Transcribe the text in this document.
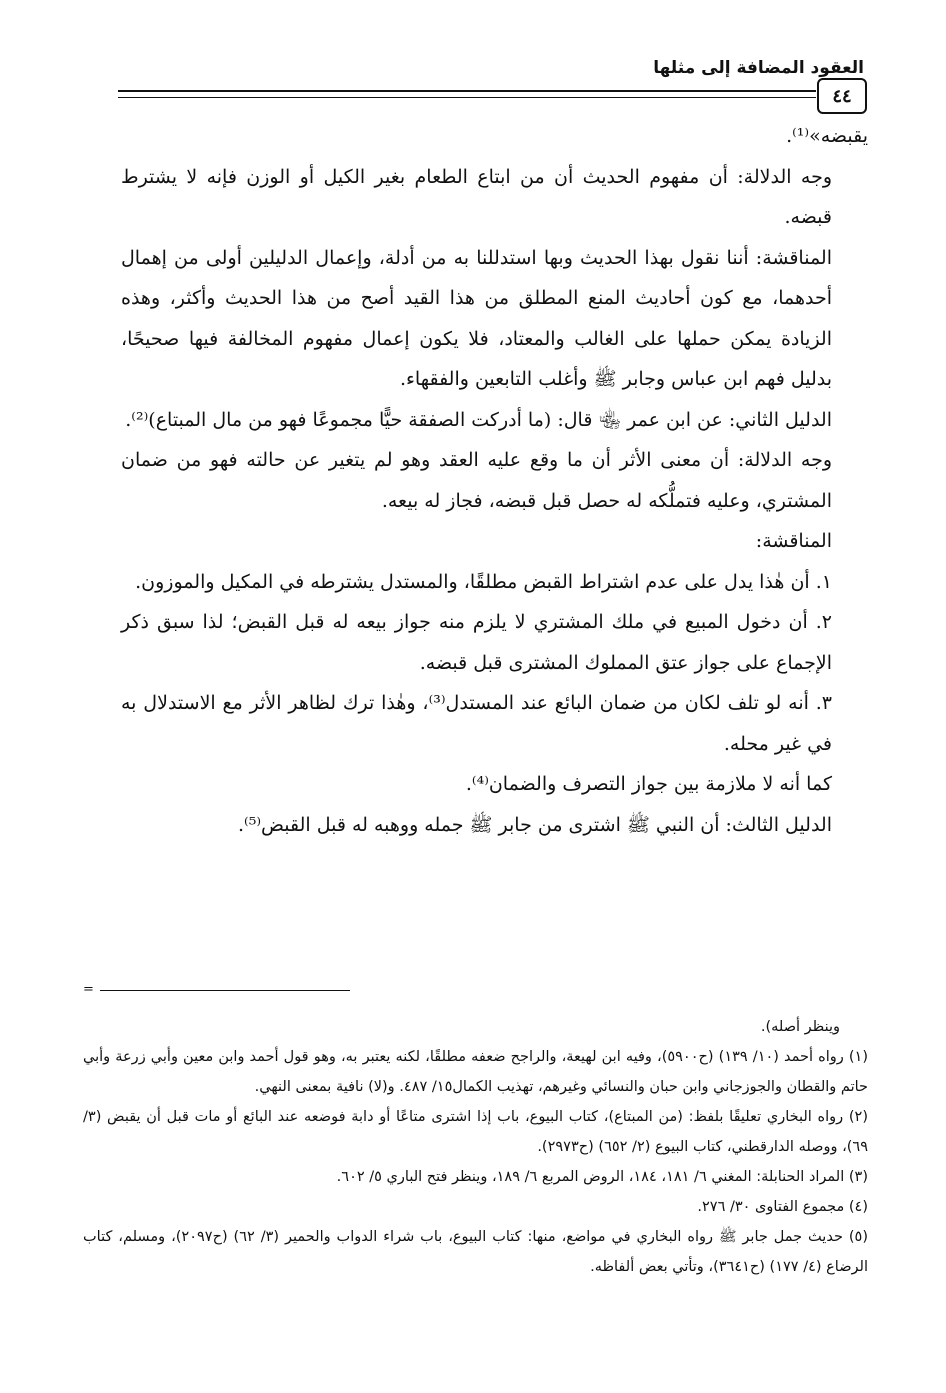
العقود المضافة إلى مثلها
٤٤

يقبضه»⁽¹⁾.

وجه الدلالة: أن مفهوم الحديث أن من ابتاع الطعام بغير الكيل أو الوزن فإنه لا يشترط قبضه.

المناقشة: أننا نقول بهذا الحديث وبها استدللنا به من أدلة، وإعمال الدليلين أولى من إهمال أحدهما، مع كون أحاديث المنع المطلق من هذا القيد أصح من هذا الحديث وأكثر، وهذه الزيادة يمكن حملها على الغالب والمعتاد، فلا يكون إعمال مفهوم المخالفة فيها صحيحًا، بدليل فهم ابن عباس وجابر ﷺ وأغلب التابعين والفقهاء.

الدليل الثاني: عن ابن عمر ﵄ قال: (ما أدركت الصفقة حيًّا مجموعًا فهو من مال المبتاع)⁽²⁾.

وجه الدلالة: أن معنى الأثر أن ما وقع عليه العقد وهو لم يتغير عن حالته فهو من ضمان المشتري، وعليه فتملُّكه له حصل قبل قبضه، فجاز له بيعه.

المناقشة:

١. أن هٰذا يدل على عدم اشتراط القبض مطلقًا، والمستدل يشترطه في المكيل والموزون.

٢. أن دخول المبيع في ملك المشتري لا يلزم منه جواز بيعه له قبل القبض؛ لذا سبق ذكر الإجماع على جواز عتق المملوك المشترى قبل قبضه.

٣. أنه لو تلف لكان من ضمان البائع عند المستدل⁽³⁾، وهٰذا ترك لظاهر الأثر مع الاستدلال به في غير محله.

كما أنه لا ملازمة بين جواز التصرف والضمان⁽⁴⁾.

الدليل الثالث: أن النبي ﷺ اشترى من جابر ﷺ جمله ووهبه له قبل القبض⁽⁵⁾.

=

وينظر أصله).

(١) رواه أحمد (١٠/ ١٣٩) (ح٥٩٠٠)، وفيه ابن لهيعة، والراجح ضعفه مطلقًا، لكنه يعتبر به، وهو قول أحمد وابن معين وأبي زرعة وأبي حاتم والقطان والجوزجاني وابن حبان والنسائي وغيرهم، تهذيب الكمال١٥/ ٤٨٧. و(لا) نافية بمعنى النهي.

(٢) رواه البخاري تعليقًا بلفظ: (من المبتاع)، كتاب البيوع، باب إذا اشترى متاعًا أو دابة فوضعه عند البائع أو مات قبل أن يقبض (٣/ ٦٩)، ووصله الدارقطني، كتاب البيوع (٢/ ٦٥٢) (ح٢٩٧٣).

(٣) المراد الحنابلة: المغني ٦/ ١٨١، ١٨٤، الروض المربع ٦/ ١٨٩، وينظر فتح الباري ٥/ ٦٠٢.

(٤) مجموع الفتاوى ٣٠/ ٢٧٦.

(٥) حديث جمل جابر ﷺ رواه البخاري في مواضع، منها: كتاب البيوع، باب شراء الدواب والحمير (٣/ ٦٢) (ح٢٠٩٧)، ومسلم، كتاب الرضاع (٤/ ١٧٧) (ح٣٦٤١)، وتأتي بعض ألفاظه.
